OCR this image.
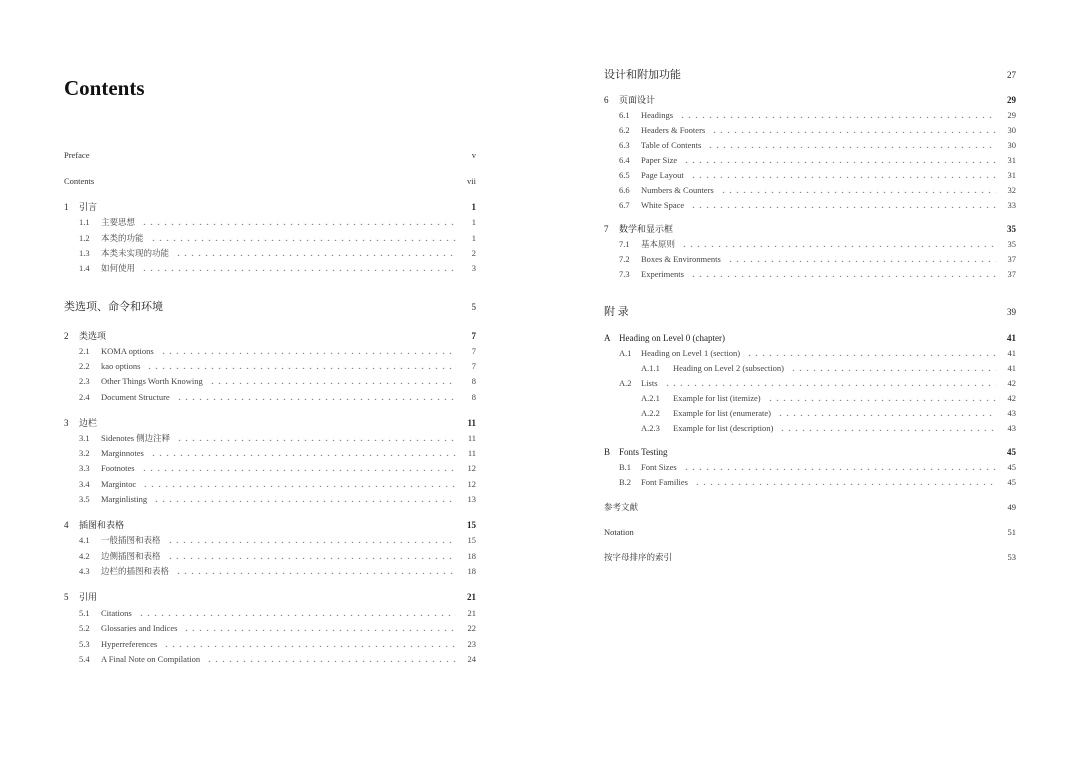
Contents
Preface	v
Contents	vii
1	引言	1
1.1	主要思想	1
1.2	本类的功能	1
1.3	本类未实现的功能	2
1.4	如何使用	3
类选项、命令和环境	5
2	类选项	7
2.1	KOMA options	7
2.2	kao options	7
2.3	Other Things Worth Knowing	8
2.4	Document Structure	8
3	边栏	11
3.1	Sidenotes 侧边注释	11
3.2	Marginnotes	11
3.3	Footnotes	12
3.4	Margintoc	12
3.5	Marginlisting	13
4	插图和表格	15
4.1	一般插图和表格	15
4.2	边侧插图和表格	18
4.3	边栏的插图和表格	18
5	引用	21
5.1	Citations	21
5.2	Glossaries and Indices	22
5.3	Hyperreferences	23
5.4	A Final Note on Compilation	24
设计和附加功能	27
6	页面设计	29
6.1	Headings	29
6.2	Headers & Footers	30
6.3	Table of Contents	30
6.4	Paper Size	31
6.5	Page Layout	31
6.6	Numbers & Counters	32
6.7	White Space	33
7	数学和显示框	35
7.1	基本原则	35
7.2	Boxes & Environments	37
7.3	Experiments	37
附 录	39
A Heading on Level 0 (chapter)	41
A.1	Heading on Level 1 (section)	41
A.1.1	Heading on Level 2 (subsection)	41
A.2	Lists	42
A.2.1	Example for list (itemize)	42
A.2.2	Example for list (enumerate)	43
A.2.3	Example for list (description)	43
B Fonts Testing	45
B.1	Font Sizes	45
B.2	Font Families	45
参考文献	49
Notation	51
按字母排序的索引	53
